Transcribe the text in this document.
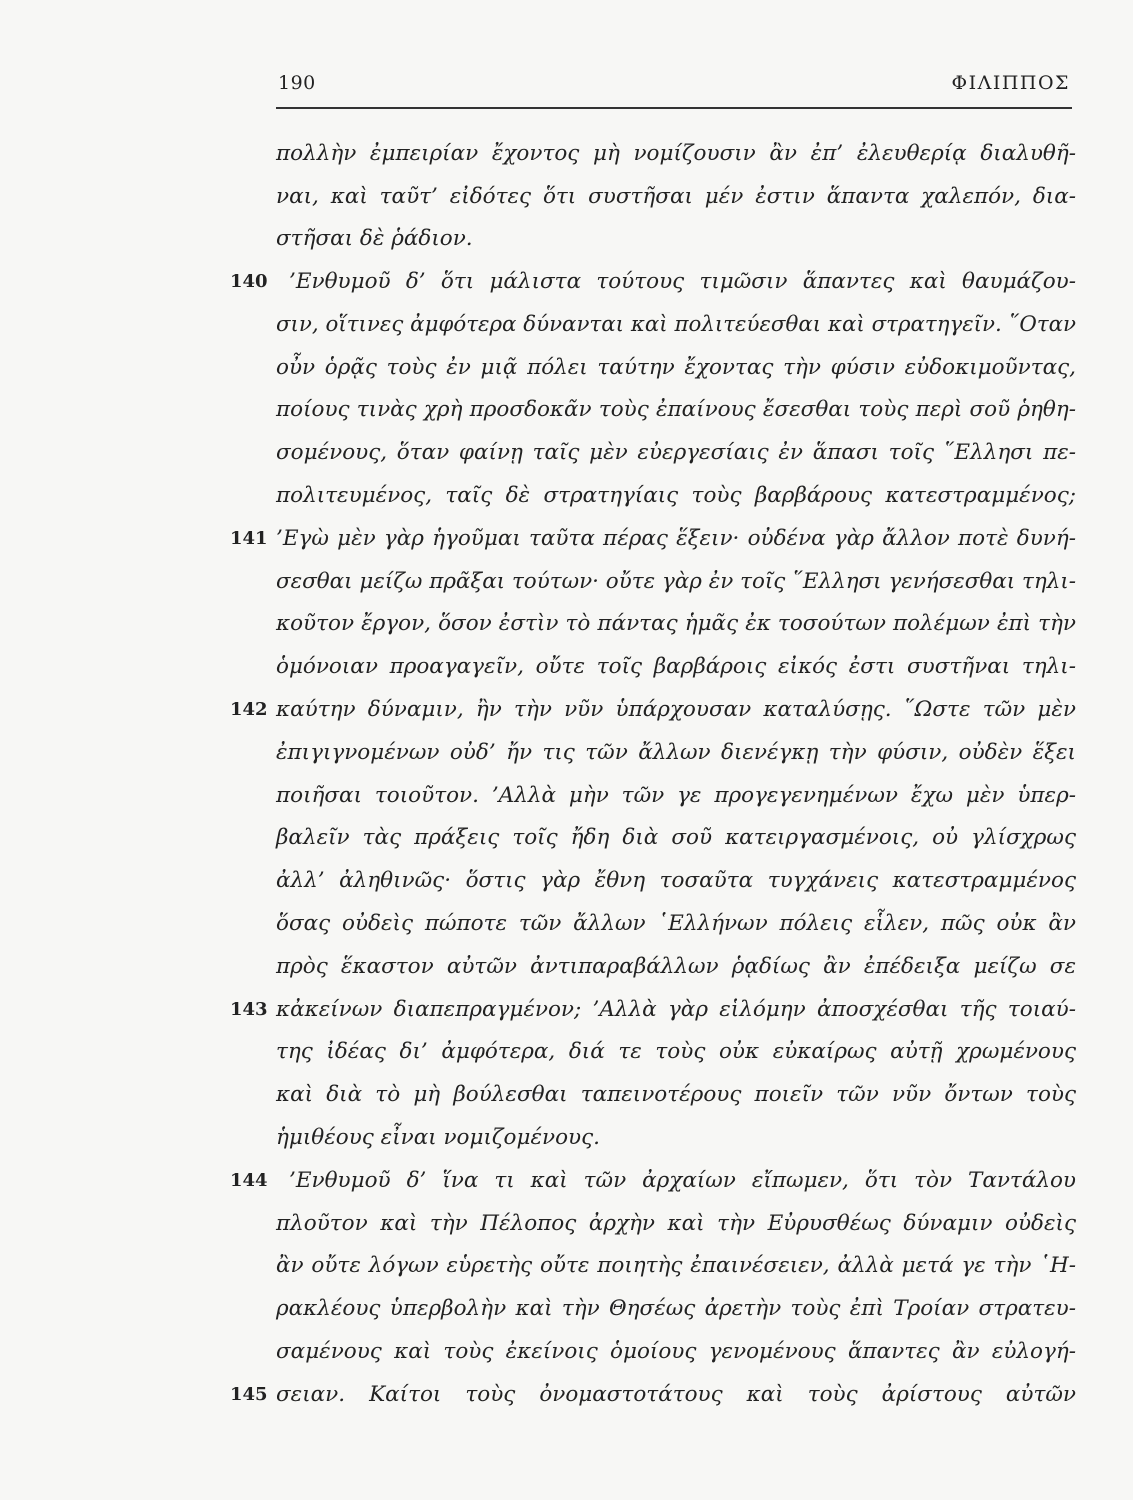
190	ΦΙΛΙΠΠΟΣ
πολλὴν ἐμπειρίαν ἔχοντος μὴ νομίζουσιν ἂν ἐπ’ ἐλευθερίᾳ διαλυθῆ-
ναι, καὶ ταῦτ’ εἰδότες ὅτι συστῆσαι μέν ἐστιν ἅπαντα χαλεπόν, δια-
στῆσαι δὲ ῥάδιον.
’Ενθυμοῦ δ’ ὅτι μάλιστα τούτους τιμῶσιν ἅπαντες καὶ θαυμάζου-
140
σιν, οἵτινες ἀμφότερα δύνανται καὶ πολιτεύεσθαι καὶ στρατηγεῖν. ῞Οταν
οὖν ὁρᾷς τοὺς ἐν μιᾷ πόλει ταύτην ἔχοντας τὴν φύσιν εὐδοκιμοῦντας,
ποίους τινὰς χρὴ προσδοκᾶν τοὺς ἐπαίνους ἔσεσθαι τοὺς περὶ σοῦ ῥηθη-
σομένους, ὅταν φαίνῃ ταῖς μὲν εὐεργεσίαις ἐν ἅπασι τοῖς ῞Ελλησι πε-
πολιτευμένος, ταῖς δὲ στρατηγίαις τοὺς βαρβάρους κατεστραμμένος;
’Εγὼ μὲν γὰρ ἡγοῦμαι ταῦτα πέρας ἕξειν· οὐδένα γὰρ ἄλλον ποτὲ δυνή-
141
σεσθαι μείζω πρᾶξαι τούτων· οὔτε γὰρ ἐν τοῖς ῞Ελλησι γενήσεσθαι τηλι-
κοῦτον ἔργον, ὅσον ἐστὶν τὸ πάντας ἡμᾶς ἐκ τοσούτων πολέμων ἐπὶ τὴν
ὁμόνοιαν προαγαγεῖν, οὔτε τοῖς βαρβάροις εἰκός ἐστι συστῆναι τηλι-
καύτην δύναμιν, ἢν τὴν νῦν ὑπάρχουσαν καταλύσῃς. ῞Ωστε τῶν μὲν
142
ἐπιγιγνομένων οὐδ’ ἤν τις τῶν ἄλλων διενέγκῃ τὴν φύσιν, οὐδὲν ἕξει
ποιῆσαι τοιοῦτον. ’Αλλὰ μὴν τῶν γε προγεγενημένων ἔχω μὲν ὑπερ-
βαλεῖν τὰς πράξεις τοῖς ἤδη διὰ σοῦ κατειργασμένοις, οὐ γλίσχρως
ἀλλ’ ἀληθινῶς· ὅστις γὰρ ἔθνη τοσαῦτα τυγχάνεις κατεστραμμένος
ὅσας οὐδεὶς πώποτε τῶν ἄλλων ῾Ελλήνων πόλεις εἷλεν, πῶς οὐκ ἂν
πρὸς ἕκαστον αὐτῶν ἀντιπαραβάλλων ῥᾳδίως ἂν ἐπέδειξα μείζω σε
κἀκείνων διαπεπραγμένον; ’Αλλὰ γὰρ εἱλόμην ἀποσχέσθαι τῆς τοιαύ-
143
της ἰδέας δι’ ἀμφότερα, διά τε τοὺς οὐκ εὐκαίρως αὐτῇ χρωμένους
καὶ διὰ τὸ μὴ βούλεσθαι ταπεινοτέρους ποιεῖν τῶν νῦν ὄντων τοὺς
ἡμιθέους εἶναι νομιζομένους.
’Ενθυμοῦ δ’ ἵνα τι καὶ τῶν ἀρχαίων εἴπωμεν, ὅτι τὸν Ταντάλου
144
πλοῦτον καὶ τὴν Πέλοπος ἀρχὴν καὶ τὴν Εὐρυσθέως δύναμιν οὐδεὶς
ἂν οὔτε λόγων εὑρετὴς οὔτε ποιητὴς ἐπαινέσειεν, ἀλλὰ μετά γε τὴν ῾Η-
ρακλέους ὑπερβολὴν καὶ τὴν Θησέως ἀρετὴν τοὺς ἐπὶ Τροίαν στρατευ-
σαμένους καὶ τοὺς ἐκείνοις ὁμοίους γενομένους ἅπαντες ἂν εὐλογή-
σειαν. Καίτοι τοὺς ὀνομαστοτάτους καὶ τοὺς ἀρίστους αὐτῶν
145
